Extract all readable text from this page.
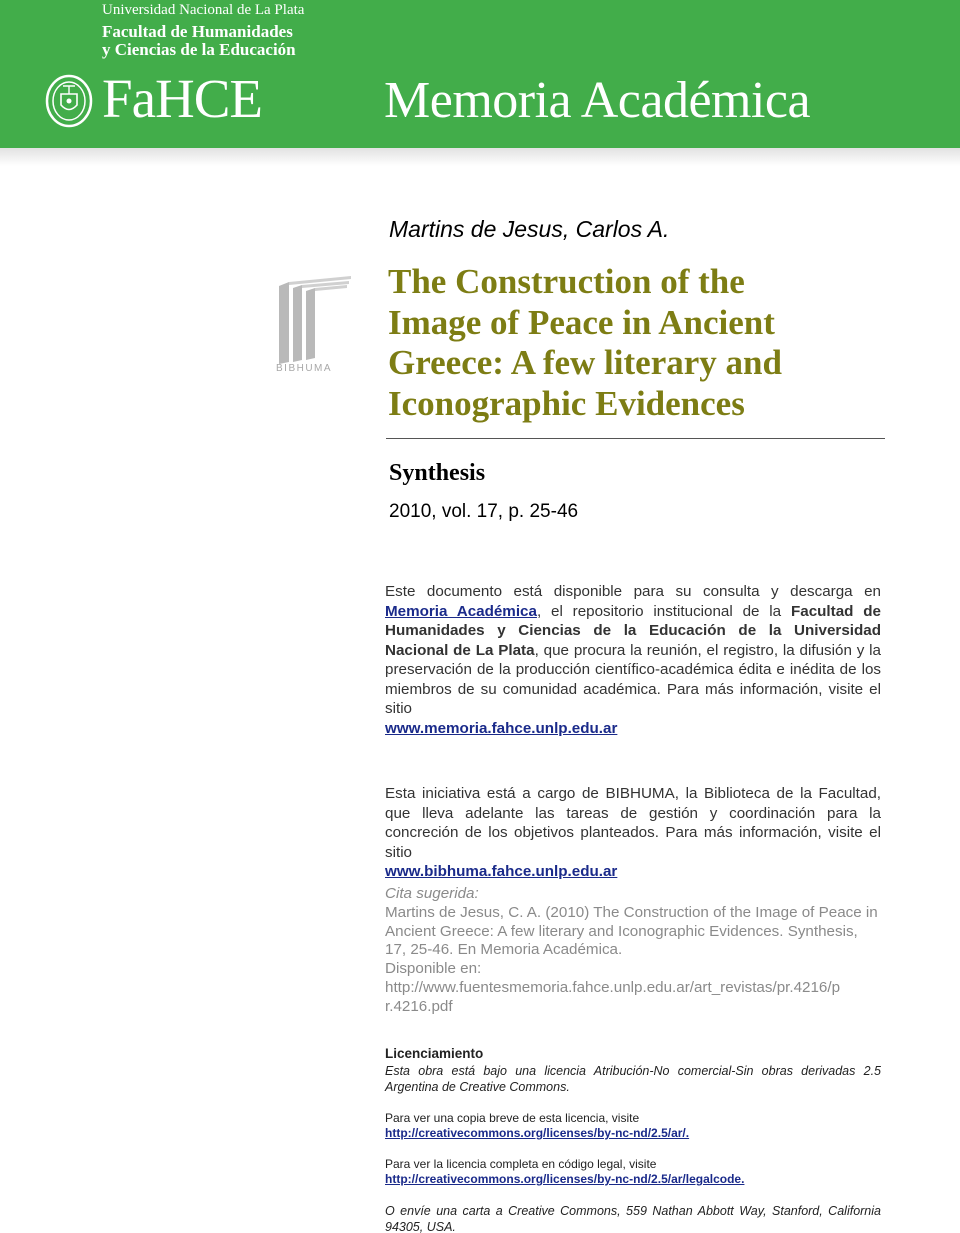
Universidad Nacional de La Plata
Facultad de Humanidades
y Ciencias de la Educación
FaHCE Memoria Académica
BIBHUMA
Martins de Jesus, Carlos A.
The Construction of the
Image of Peace in Ancient
Greece: A few literary and
Iconographic Evidences
Synthesis
2010, vol. 17, p. 25-46
Este documento está disponible para su consulta y descarga en Memoria Académica, el repositorio institucional de la Facultad de Humanidades y Ciencias de la Educación de la Universidad Nacional de La Plata, que procura la reunión, el registro, la difusión y la preservación de la producción científico-académica édita e inédita de los miembros de su comunidad académica. Para más información, visite el sitio
www.memoria.fahce.unlp.edu.ar
Esta iniciativa está a cargo de BIBHUMA, la Biblioteca de la Facultad, que lleva adelante las tareas de gestión y coordinación para la concreción de los objetivos planteados. Para más información, visite el sitio
www.bibhuma.fahce.unlp.edu.ar
Cita sugerida:
Martins de Jesus, C. A. (2010) The Construction of the Image of Peace in Ancient Greece: A few literary and Iconographic Evidences. Synthesis, 17, 25-46. En Memoria Académica.
Disponible en:
http://www.fuentesmemoria.fahce.unlp.edu.ar/art_revistas/pr.4216/p
r.4216.pdf
Licenciamiento
Esta obra está bajo una licencia Atribución-No comercial-Sin obras derivadas 2.5 Argentina de Creative Commons.
Para ver una copia breve de esta licencia, visite
http://creativecommons.org/licenses/by-nc-nd/2.5/ar/.
Para ver la licencia completa en código legal, visite
http://creativecommons.org/licenses/by-nc-nd/2.5/ar/legalcode.
O envíe una carta a Creative Commons, 559 Nathan Abbott Way, Stanford, California 94305, USA.
